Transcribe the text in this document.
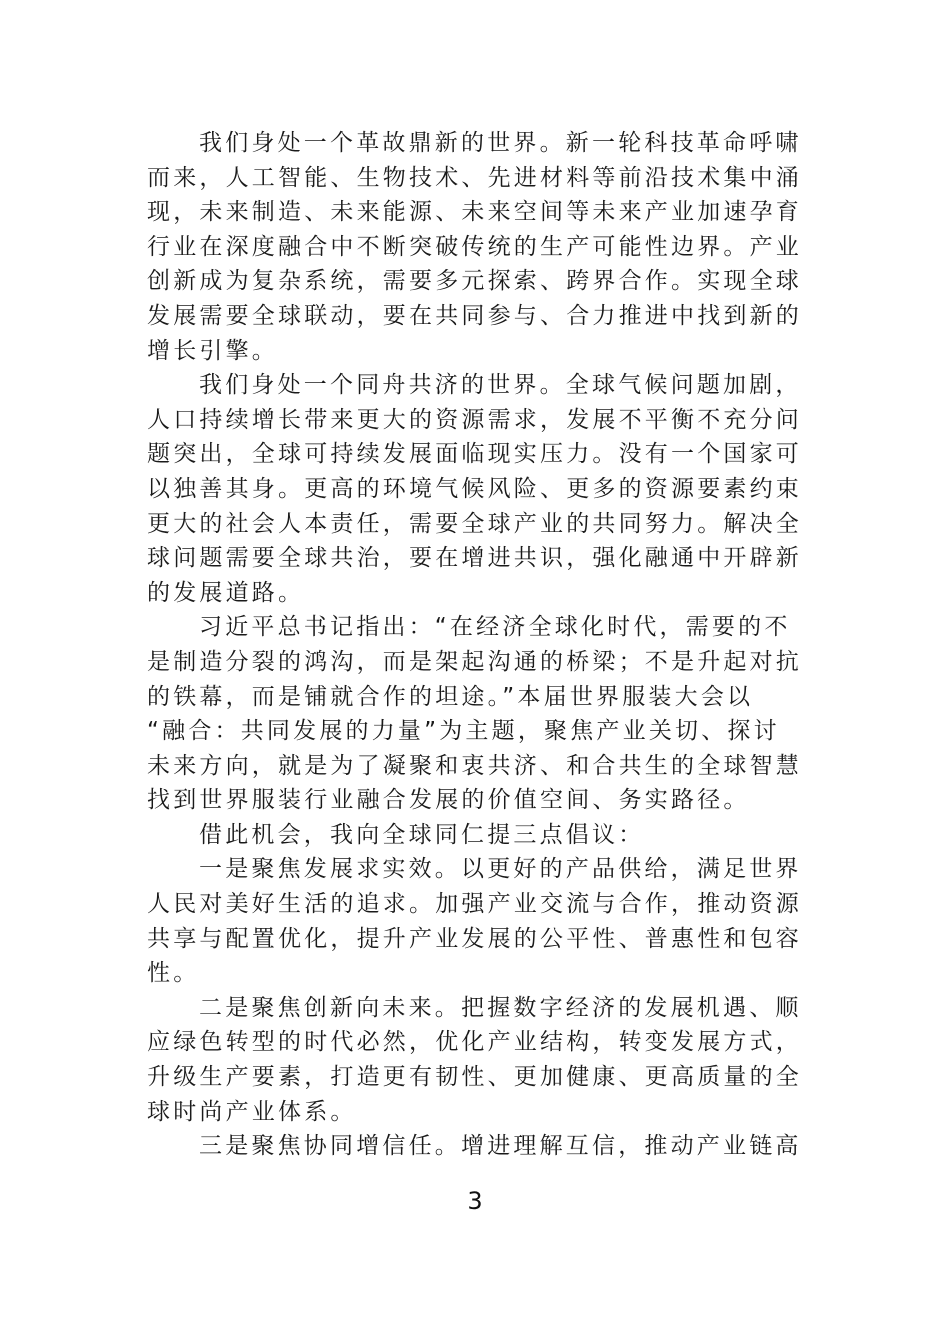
我们身处一个革故鼎新的世界。新一轮科技革命呼啸
而来，人工智能、生物技术、先进材料等前沿技术集中涌
现，未来制造、未来能源、未来空间等未来产业加速孕育
行业在深度融合中不断突破传统的生产可能性边界。产业
创新成为复杂系统，需要多元探索、跨界合作。实现全球
发展需要全球联动，要在共同参与、合力推进中找到新的
增长引擎。
我们身处一个同舟共济的世界。全球气候问题加剧，
人口持续增长带来更大的资源需求，发展不平衡不充分问
题突出，全球可持续发展面临现实压力。没有一个国家可
以独善其身。更高的环境气候风险、更多的资源要素约束
更大的社会人本责任，需要全球产业的共同努力。解决全
球问题需要全球共治，要在增进共识，强化融通中开辟新
的发展道路。
习近平总书记指出：“在经济全球化时代，需要的不
是制造分裂的鸿沟，而是架起沟通的桥梁；不是升起对抗
的铁幕，而是铺就合作的坦途。”本届世界服装大会以
“融合：共同发展的力量”为主题，聚焦产业关切、探讨
未来方向，就是为了凝聚和衷共济、和合共生的全球智慧
找到世界服装行业融合发展的价值空间、务实路径。
借此机会，我向全球同仁提三点倡议：
一是聚焦发展求实效。以更好的产品供给，满足世界
人民对美好生活的追求。加强产业交流与合作，推动资源
共享与配置优化，提升产业发展的公平性、普惠性和包容
性。
二是聚焦创新向未来。把握数字经济的发展机遇、顺
应绿色转型的时代必然，优化产业结构，转变发展方式，
升级生产要素，打造更有韧性、更加健康、更高质量的全
球时尚产业体系。
三是聚焦协同增信任。增进理解互信，推动产业链高
3
